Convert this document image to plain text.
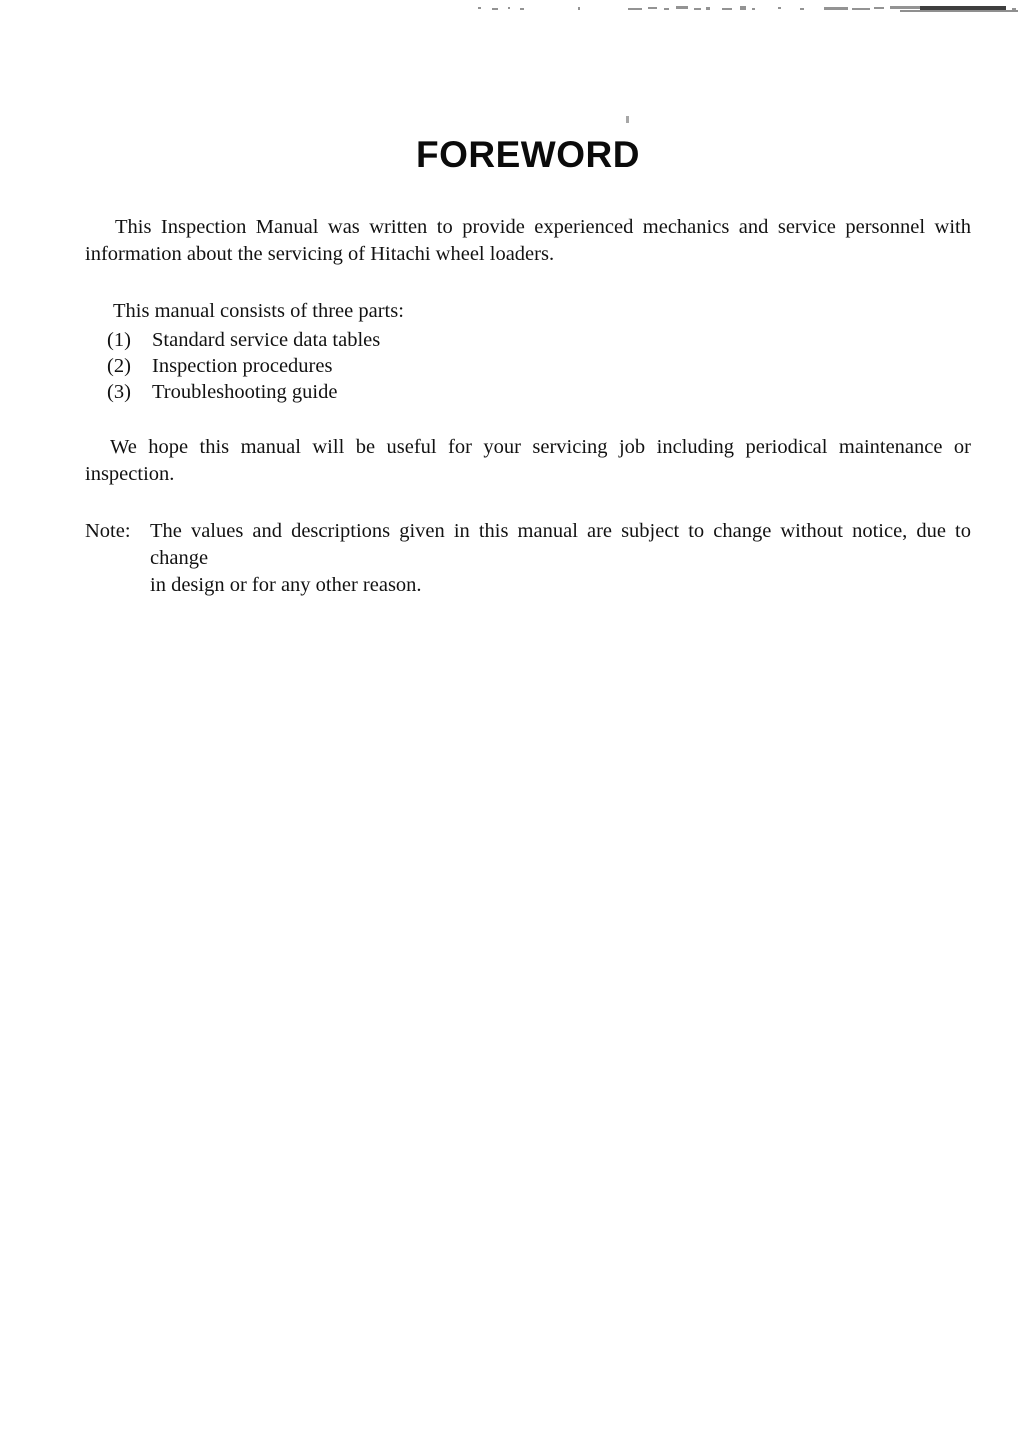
FOREWORD

This Inspection Manual was written to provide experienced mechanics and service personnel with information about the servicing of Hitachi wheel loaders.

This manual consists of three parts:

(1)	Standard service data tables
(2)	Inspection procedures
(3)	Troubleshooting guide

We hope this manual will be useful for your servicing job including periodical maintenance or inspection.

Note: The values and descriptions given in this manual are subject to change without notice, due to change
in design or for any other reason.
